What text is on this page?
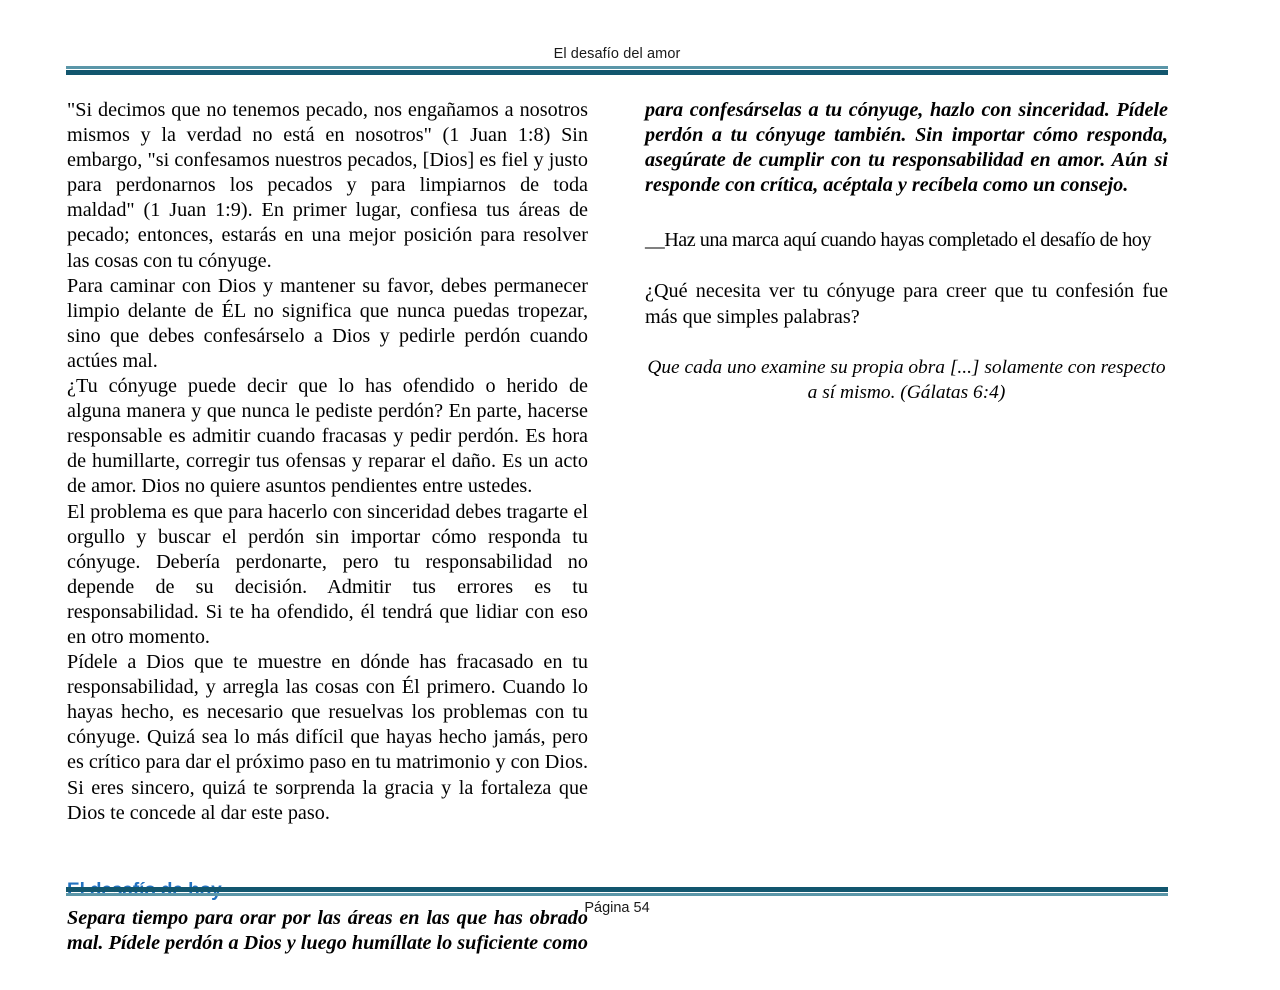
El desafío del amor

"Si decimos que no tenemos pecado, nos engañamos a nosotros mismos y la verdad no está en nosotros" (1 Juan 1:8) Sin embargo, "si confesamos nuestros pecados, [Dios] es fiel y justo para perdonarnos los pecados y para limpiarnos de toda maldad" (1 Juan 1:9). En primer lugar, confiesa tus áreas de pecado; entonces, estarás en una mejor posición para resolver las cosas con tu cónyuge.

Para caminar con Dios y mantener su favor, debes permanecer limpio delante de ÉL no significa que nunca puedas tropezar, sino que debes confesárselo a Dios y pedirle perdón cuando actúes mal.

¿Tu cónyuge puede decir que lo has ofendido o herido de alguna manera y que nunca le pediste perdón? En parte, hacerse responsable es admitir cuando fracasas y pedir perdón. Es hora de humillarte, corregir tus ofensas y reparar el daño. Es un acto de amor. Dios no quiere asuntos pendientes entre ustedes.

El problema es que para hacerlo con sinceridad debes tragarte el orgullo y buscar el perdón sin importar cómo responda tu cónyuge. Debería perdonarte, pero tu responsabilidad no depende de su decisión. Admitir tus errores es tu responsabilidad. Si te ha ofendido, él tendrá que lidiar con eso en otro momento.

Pídele a Dios que te muestre en dónde has fracasado en tu responsabilidad, y arregla las cosas con Él primero. Cuando lo hayas hecho, es necesario que resuelvas los problemas con tu cónyuge. Quizá sea lo más difícil que hayas hecho jamás, pero es crítico para dar el próximo paso en tu matrimonio y con Dios. Si eres sincero, quizá te sorprenda la gracia y la fortaleza que Dios te concede al dar este paso.

Separa tiempo para orar por las áreas en las que has obrado mal. Pídele perdón a Dios y luego humíllate lo suficiente como

para confesárselas a tu cónyuge, hazlo con sinceridad. Pídele perdón a tu cónyuge también. Sin importar cómo responda, asegúrate de cumplir con tu responsabilidad en amor. Aún si responde con crítica, acéptala y recíbela como un consejo.

__Haz una marca aquí cuando hayas completado el desafío de hoy

¿Qué necesita ver tu cónyuge para creer que tu confesión fue más que simples palabras?

Que cada uno examine su propia obra [...] solamente con respecto a sí mismo. (Gálatas 6:4)

Página 54
